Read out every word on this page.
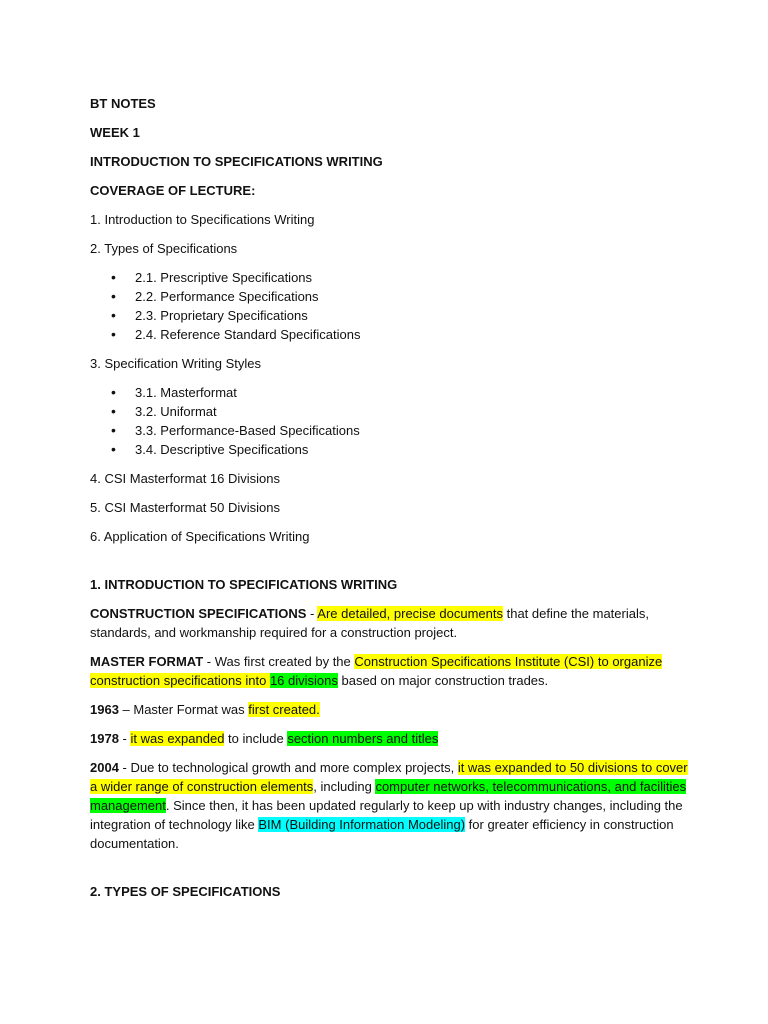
BT NOTES

WEEK 1

INTRODUCTION TO SPECIFICATIONS WRITING

COVERAGE OF LECTURE:

1. Introduction to Specifications Writing

2. Types of Specifications

• 2.1. Prescriptive Specifications
• 2.2. Performance Specifications
• 2.3. Proprietary Specifications
• 2.4. Reference Standard Specifications

3. Specification Writing Styles

• 3.1. Masterformat
• 3.2. Uniformat
• 3.3. Performance-Based Specifications
• 3.4. Descriptive Specifications

4. CSI Masterformat 16 Divisions

5. CSI Masterformat 50 Divisions

6. Application of Specifications Writing

1. INTRODUCTION TO SPECIFICATIONS WRITING

CONSTRUCTION SPECIFICATIONS - Are detailed, precise documents that define the materials, standards, and workmanship required for a construction project.

MASTER FORMAT - Was first created by the Construction Specifications Institute (CSI) to organize construction specifications into 16 divisions based on major construction trades.

1963 – Master Format was first created.

1978 - it was expanded to include section numbers and titles

2004 - Due to technological growth and more complex projects, it was expanded to 50 divisions to cover a wider range of construction elements, including computer networks, telecommunications, and facilities management. Since then, it has been updated regularly to keep up with industry changes, including the integration of technology like BIM (Building Information Modeling) for greater efficiency in construction documentation.

2. TYPES OF SPECIFICATIONS
